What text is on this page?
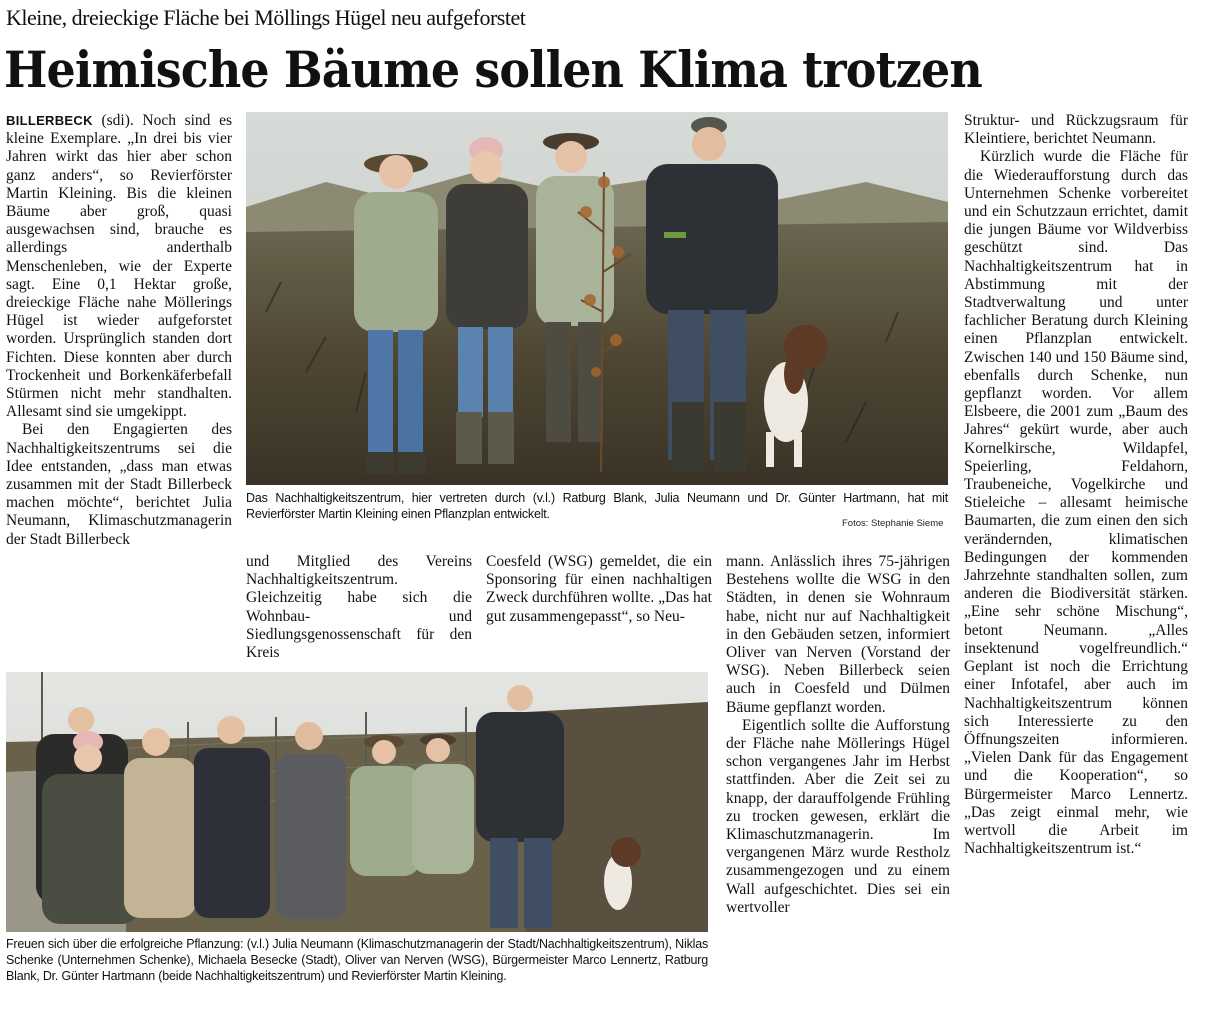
Kleine, dreieckige Fläche bei Möllings Hügel neu aufgeforstet
Heimische Bäume sollen Klima trotzen

BILLERBECK (sdi). Noch sind es kleine Exemplare. „In drei bis vier Jahren wirkt das hier aber schon ganz anders“, so Revierförster Martin Kleining. Bis die kleinen Bäume aber groß, quasi ausgewachsen sind, brauche es allerdings anderthalb Menschenleben, wie der Experte sagt. Eine 0,1 Hektar große, dreieckige Fläche nahe Möllerings Hügel ist wieder aufgeforstet worden. Ursprünglich standen dort Fichten. Diese konnten aber durch Trockenheit und Borkenkäferbefall Stürmen nicht mehr standhalten. Allesamt sind sie umgekippt.

Bei den Engagierten des Nachhaltigkeitszentrums sei die Idee entstanden, „dass man etwas zusammen mit der Stadt Billerbeck machen möchte“, berichtet Julia Neumann, Klimaschutzmanagerin der Stadt Billerbeck

Das Nachhaltigkeitszentrum, hier vertreten durch (v.l.) Ratburg Blank, Julia Neumann und Dr. Günter Hartmann, hat mit Revierförster Martin Kleining einen Pflanzplan entwickelt.
Fotos: Stephanie Sieme

und Mitglied des Vereins Nachhaltigkeitszentrum. Gleichzeitig habe sich die Wohnbau- und Siedlungsgenossenschaft für den Kreis

Coesfeld (WSG) gemeldet, die ein Sponsoring für einen nachhaltigen Zweck durchführen wollte. „Das hat gut zusammengepasst“, so Neu-

mann. Anlässlich ihres 75-jährigen Bestehens wollte die WSG in den Städten, in denen sie Wohnraum habe, nicht nur auf Nachhaltigkeit in den Gebäuden setzen, informiert Oliver van Nerven (Vorstand der WSG). Neben Billerbeck seien auch in Coesfeld und Dülmen Bäume gepflanzt worden.

Eigentlich sollte die Aufforstung der Fläche nahe Möllerings Hügel schon vergangenes Jahr im Herbst stattfinden. Aber die Zeit sei zu knapp, der darauffolgende Frühling zu trocken gewesen, erklärt die Klimaschutzmanagerin. Im vergangenen März wurde Restholz zusammengezogen und zu einem Wall aufgeschichtet. Dies sei ein wertvoller

Struktur- und Rückzugsraum für Kleintiere, berichtet Neumann.

Kürzlich wurde die Fläche für die Wiederaufforstung durch das Unternehmen Schenke vorbereitet und ein Schutzzaun errichtet, damit die jungen Bäume vor Wildverbiss geschützt sind. Das Nachhaltigkeitszentrum hat in Abstimmung mit der Stadtverwaltung und unter fachlicher Beratung durch Kleining einen Pflanzplan entwickelt. Zwischen 140 und 150 Bäume sind, ebenfalls durch Schenke, nun gepflanzt worden. Vor allem Elsbeere, die 2001 zum „Baum des Jahres“ gekürt wurde, aber auch Kornelkirsche, Wildapfel, Speierling, Feldahorn, Traubeneiche, Vogelkirche und Stieleiche – allesamt heimische Baumarten, die zum einen den sich verändernden, klimatischen Bedingungen der kommenden Jahrzehnte standhalten sollen, zum anderen die Biodiversität stärken. „Eine sehr schöne Mischung“, betont Neumann. „Alles insektenund vogelfreundlich.“ Geplant ist noch die Errichtung einer Infotafel, aber auch im Nachhaltigkeitszentrum können sich Interessierte zu den Öffnungszeiten informieren. „Vielen Dank für das Engagement und die Kooperation“, so Bürgermeister Marco Lennertz. „Das zeigt einmal mehr, wie wertvoll die Arbeit im Nachhaltigkeitszentrum ist.“

Freuen sich über die erfolgreiche Pflanzung: (v.l.) Julia Neumann (Klimaschutzmanagerin der Stadt/Nachhaltigkeitszentrum), Niklas Schenke (Unternehmen Schenke), Michaela Besecke (Stadt), Oliver van Nerven (WSG), Bürgermeister Marco Lennertz, Ratburg Blank, Dr. Günter Hartmann (beide Nachhaltigkeitszentrum) und Revierförster Martin Kleining.
